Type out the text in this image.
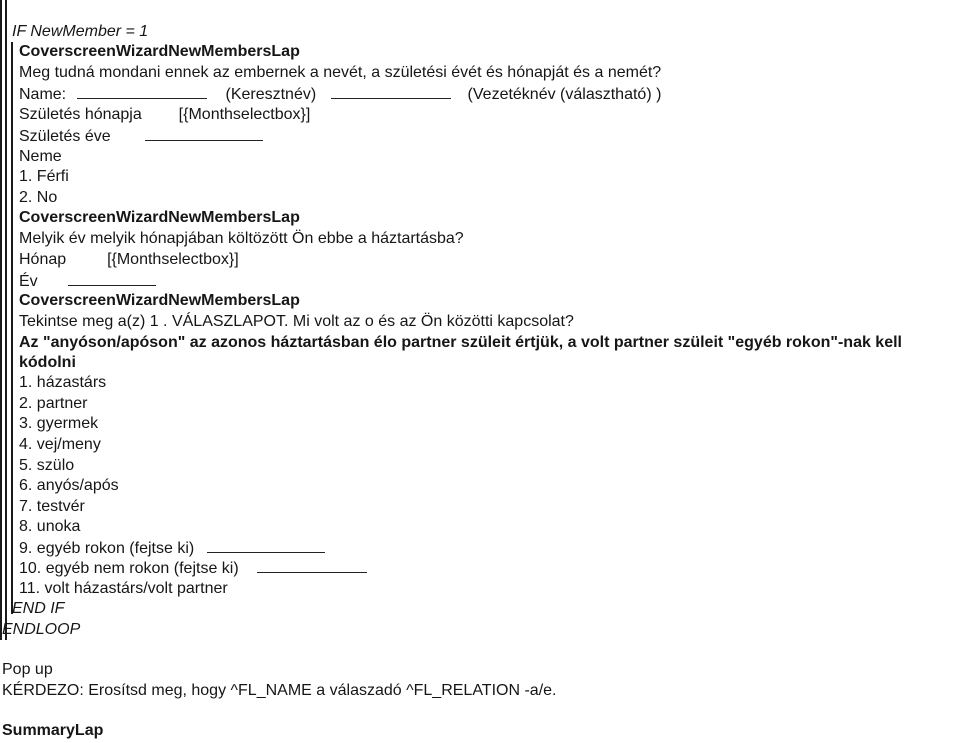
IF NewMember = 1
CoverscreenWizardNewMembersLap
Meg tudná mondani ennek az embernek a nevét, a születési évét és hónapját és a nemét?
Name:	(Keresztnév)	(Vezetéknév (választható) )
Születés hónapja [{Monthselectbox}]
Születés éve
Neme
1. Férfi
2. No
CoverscreenWizardNewMembersLap
Melyik év melyik hónapjában költözött Ön ebbe a háztartásba?
Hónap	[{Monthselectbox}]
Év
CoverscreenWizardNewMembersLap
Tekintse meg a(z) 1 . VÁLASZLAPOT. Mi volt az o és az Ön közötti kapcsolat?
Az "anyóson/apóson" az azonos háztartásban élo partner szüleit értjük, a volt partner szüleit "egyéb rokon"-nak kell
kódolni
1. házastárs
2. partner
3. gyermek
4. vej/meny
5. szülo
6. anyós/após
7. testvér
8. unoka
9. egyéb rokon (fejtse ki)
10. egyéb nem rokon (fejtse ki)
11. volt házastárs/volt partner
END IF
ENDLOOP
Pop up
KÉRDEZO: Erosítsd meg, hogy ^FL_NAME a válaszadó ^FL_RELATION -a/e.
SummaryLap
